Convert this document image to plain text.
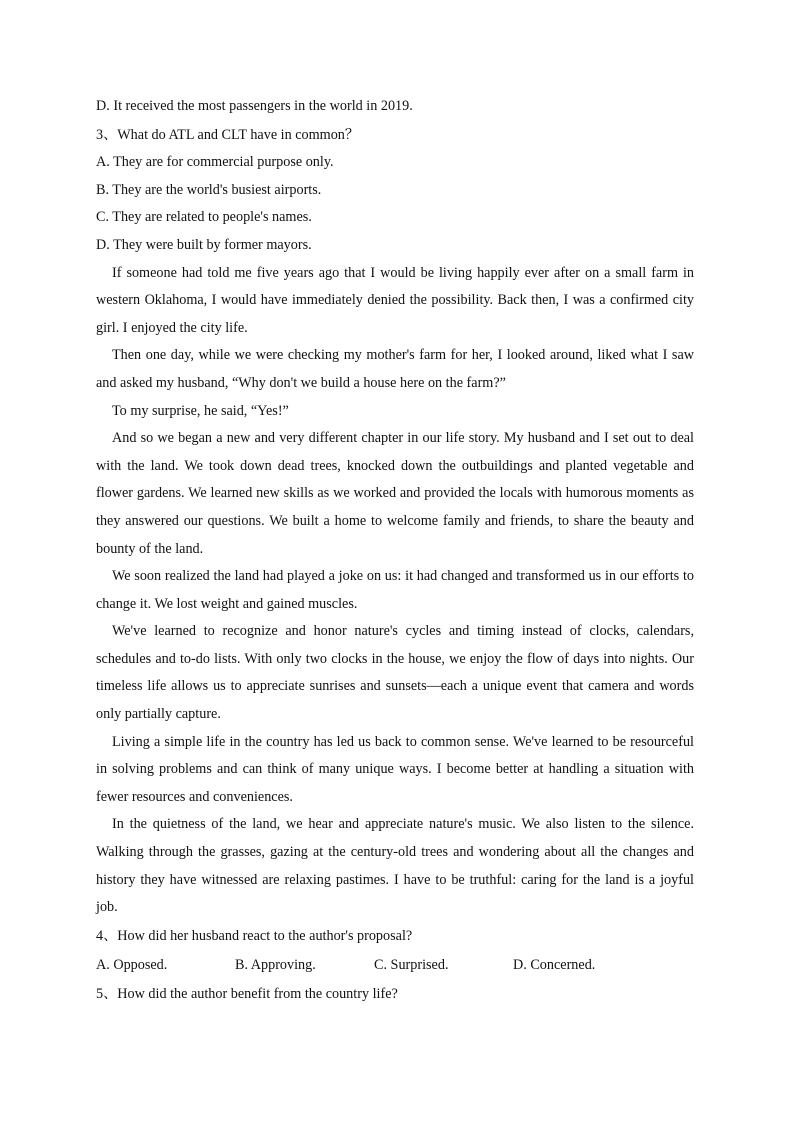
D. It received the most passengers in the world in 2019.
3、What do ATL and CLT have in common？
A. They are for commercial purpose only.
B. They are the world's busiest airports.
C. They are related to people's names.
D. They were built by former mayors.

If someone had told me five years ago that I would be living happily ever after on a small farm in western Oklahoma, I would have immediately denied the possibility. Back then, I was a confirmed city girl. I enjoyed the city life.

Then one day, while we were checking my mother's farm for her, I looked around, liked what I saw and asked my husband, “Why don't we build a house here on the farm?”

To my surprise, he said, “Yes!”

And so we began a new and very different chapter in our life story. My husband and I set out to deal with the land. We took down dead trees, knocked down the outbuildings and planted vegetable and flower gardens. We learned new skills as we worked and provided the locals with humorous moments as they answered our questions. We built a home to welcome family and friends, to share the beauty and bounty of the land.

We soon realized the land had played a joke on us: it had changed and transformed us in our efforts to change it. We lost weight and gained muscles.

We've learned to recognize and honor nature's cycles and timing instead of clocks, calendars, schedules and to-do lists. With only two clocks in the house, we enjoy the flow of days into nights. Our timeless life allows us to appreciate sunrises and sunsets—each a unique event that camera and words only partially capture.

Living a simple life in the country has led us back to common sense. We've learned to be resourceful in solving problems and can think of many unique ways. I become better at handling a situation with fewer resources and conveniences.

In the quietness of the land, we hear and appreciate nature's music. We also listen to the silence. Walking through the grasses, gazing at the century-old trees and wondering about all the changes and history they have witnessed are relaxing pastimes. I have to be truthful: caring for the land is a joyful job.

4、How did her husband react to the author's proposal?
A. Opposed.	B. Approving.	C. Surprised.	D. Concerned.
5、How did the author benefit from the country life?
